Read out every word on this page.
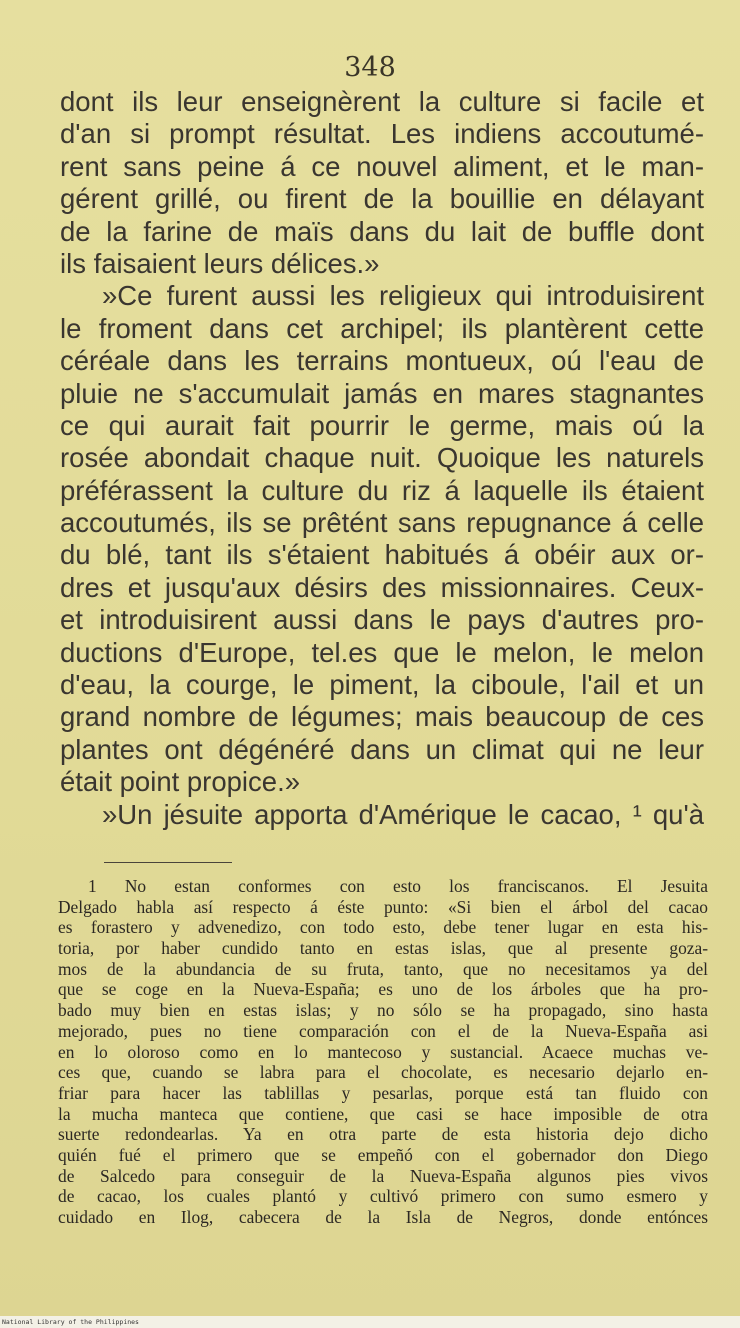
348
dont ils leur enseignèrent la culture si facile et
d'an si prompt résultat. Les indiens accoutumé-
rent sans peine á ce nouvel aliment, et le man-
gérent grillé, ou firent de la bouillie en délayant
de la farine de maïs dans du lait de buffle dont
ils faisaient leurs délices.»
»Ce furent aussi les religieux qui introduisirent
le froment dans cet archipel; ils plantèrent cette
céréale dans les terrains montueux, oú l'eau de
pluie ne s'accumulait jamás en mares stagnantes
ce qui aurait fait pourrir le germe, mais oú la
rosée abondait chaque nuit. Quoique les naturels
préférassent la culture du riz á laquelle ils étaient
accoutumés, ils se prêtént sans repugnance á celle
du blé, tant ils s'étaient habitués á obéir aux or-
dres et jusqu'aux désirs des missionnaires. Ceux-
et introduisirent aussi dans le pays d'autres pro-
ductions d'Europe, tel.es que le melon, le melon
d'eau, la courge, le piment, la ciboule, l'ail et un
grand nombre de légumes; mais beaucoup de ces
plantes ont dégénéré dans un climat qui ne leur
était point propice.»
»Un jésuite apporta d'Amérique le cacao, ¹ qu'à
1 No estan conformes con esto los franciscanos. El Jesuita
Delgado habla así respecto á éste punto: «Si bien el árbol del cacao
es forastero y advenedizo, con todo esto, debe tener lugar en esta his-
toria, por haber cundido tanto en estas islas, que al presente goza-
mos de la abundancia de su fruta, tanto, que no necesitamos ya del
que se coge en la Nueva-España; es uno de los árboles que ha pro-
bado muy bien en estas islas; y no sólo se ha propagado, sino hasta
mejorado, pues no tiene comparación con el de la Nueva-España asi
en lo oloroso como en lo mantecoso y sustancial. Acaece muchas ve-
ces que, cuando se labra para el chocolate, es necesario dejarlo en-
friar para hacer las tablillas y pesarlas, porque está tan fluido con
la mucha manteca que contiene, que casi se hace imposible de otra
suerte redondearlas. Ya en otra parte de esta historia dejo dicho
quién fué el primero que se empeñó con el gobernador don Diego
de Salcedo para conseguir de la Nueva-España algunos pies vivos
de cacao, los cuales plantó y cultivó primero con sumo esmero y
cuidado en Ilog, cabecera de la Isla de Negros, donde entónces
National Library of the Philippines
